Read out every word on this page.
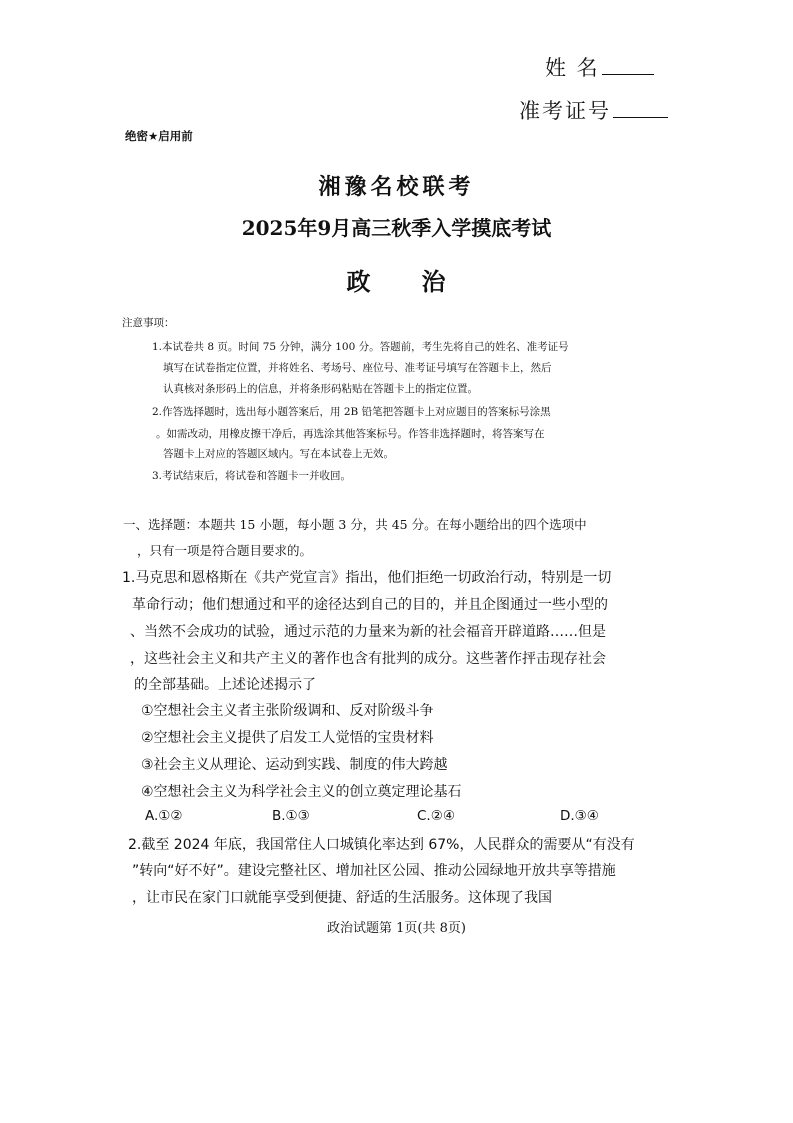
姓 名
准考证号
绝密★启用前
湘豫名校联考
2025年9月高三秋季入学摸底考试
政　　治
注意事项：
1.本试卷共 8 页。时间 75 分钟，满分 100 分。答题前，考生先将自己的姓名、准考证号
填写在试卷指定位置，并将姓名、考场号、座位号、准考证号填写在答题卡上，然后
认真核对条形码上的信息，并将条形码粘贴在答题卡上的指定位置。
2.作答选择题时，选出每小题答案后，用 2B 铅笔把答题卡上对应题目的答案标号涂黑
。如需改动，用橡皮擦干净后，再选涂其他答案标号。作答非选择题时，将答案写在
答题卡上对应的答题区域内。写在本试卷上无效。
3.考试结束后，将试卷和答题卡一并收回。
一、选择题：本题共 15 小题，每小题 3 分，共 45 分。在每小题给出的四个选项中
，只有一项是符合题目要求的。
1.马克思和恩格斯在《共产党宣言》指出，他们拒绝一切政治行动，特别是一切
革命行动；他们想通过和平的途径达到自己的目的，并且企图通过一些小型的
、当然不会成功的试验，通过示范的力量来为新的社会福音开辟道路……但是
，这些社会主义和共产主义的著作也含有批判的成分。这些著作抨击现存社会
的全部基础。上述论述揭示了
①空想社会主义者主张阶级调和、反对阶级斗争
②空想社会主义提供了启发工人觉悟的宝贵材料
③社会主义从理论、运动到实践、制度的伟大跨越
④空想社会主义为科学社会主义的创立奠定理论基石
A.①②	B.①③	C.②④	D.③④
2.截至 2024 年底，我国常住人口城镇化率达到 67%，人民群众的需要从“有没有
”转向“好不好”。建设完整社区、增加社区公园、推动公园绿地开放共享等措施
，让市民在家门口就能享受到便捷、舒适的生活服务。这体现了我国
政治试题第 1页(共 8页)
